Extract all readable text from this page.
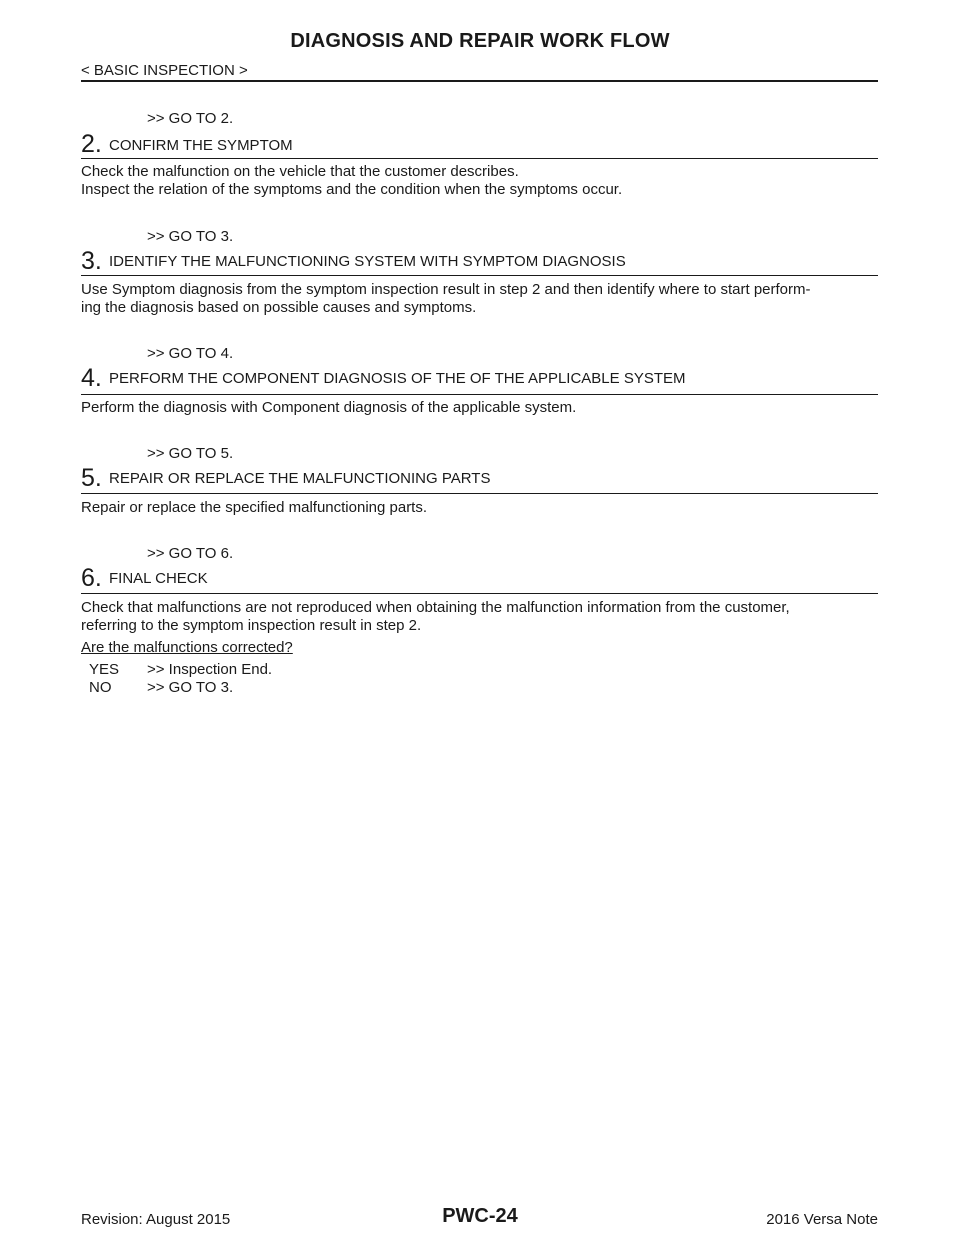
DIAGNOSIS AND REPAIR WORK FLOW
< BASIC INSPECTION >
>> GO TO 2.
2. CONFIRM THE SYMPTOM
Check the malfunction on the vehicle that the customer describes.
Inspect the relation of the symptoms and the condition when the symptoms occur.
>> GO TO 3.
3. IDENTIFY THE MALFUNCTIONING SYSTEM WITH SYMPTOM DIAGNOSIS
Use Symptom diagnosis from the symptom inspection result in step 2 and then identify where to start perform-
ing the diagnosis based on possible causes and symptoms.
>> GO TO 4.
4. PERFORM THE COMPONENT DIAGNOSIS OF THE OF THE APPLICABLE SYSTEM
Perform the diagnosis with Component diagnosis of the applicable system.
>> GO TO 5.
5. REPAIR OR REPLACE THE MALFUNCTIONING PARTS
Repair or replace the specified malfunctioning parts.
>> GO TO 6.
6. FINAL CHECK
Check that malfunctions are not reproduced when obtaining the malfunction information from the customer,
referring to the symptom inspection result in step 2.
Are the malfunctions corrected?
YES >> Inspection End.
NO >> GO TO 3.
Revision: August 2015	PWC-24	2016 Versa Note
